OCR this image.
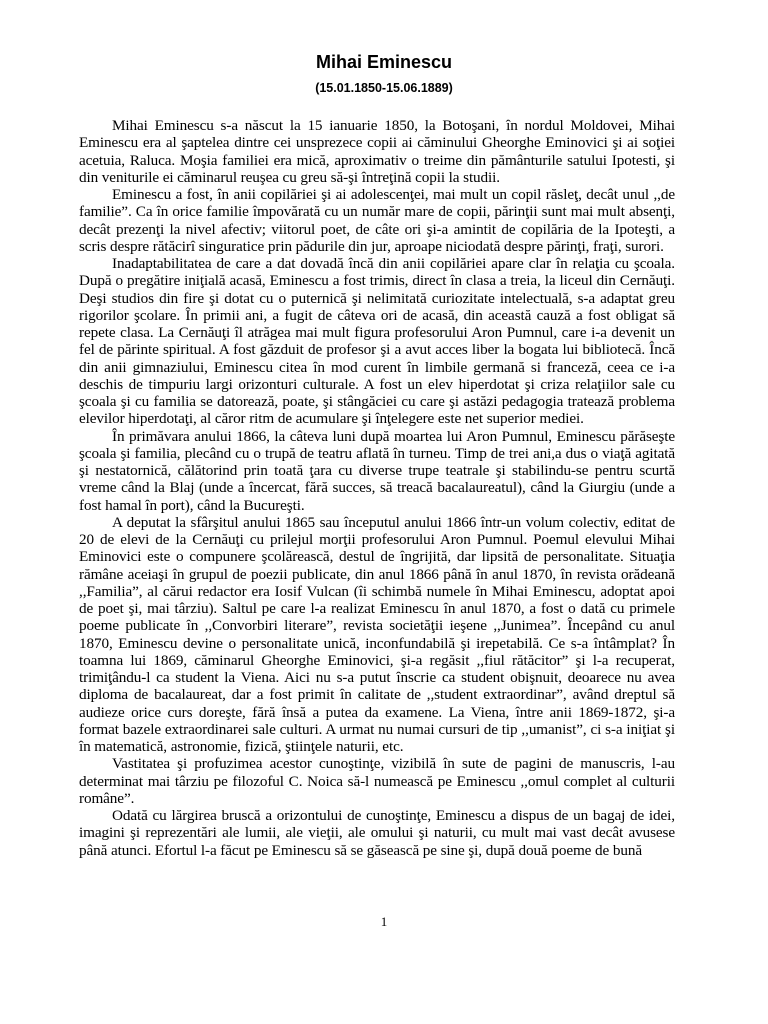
Mihai Eminescu
(15.01.1850-15.06.1889)

Mihai Eminescu s-a născut la 15 ianuarie 1850, la Botoşani, în nordul Moldovei, Mihai Eminescu era al şaptelea dintre cei unsprezece copii ai căminului Gheorghe Eminovici şi ai soţiei acetuia, Raluca. Moşia familiei era mică, aproximativ o treime din pământurile satului Ipotesti, şi din veniturile ei căminarul reuşea cu greu să-şi întreţină copii la studii.

Eminescu a fost, în anii copilăriei şi ai adolescenţei, mai mult un copil răsleţ, decât unul ,,de familie”. Ca în orice familie împovărată cu un număr mare de copii, părinţii sunt mai mult absenţi, decât prezenţi la nivel afectiv; viitorul poet, de câte ori şi-a amintit de copilăria de la Ipoteşti, a scris despre rătăcirî singuratice prin pădurile din jur, aproape niciodată despre părinţi, fraţi, surori.

Inadaptabilitatea de care a dat dovadă încă din anii copilăriei apare clar în relaţia cu şcoala. După o pregătire iniţială acasă, Eminescu a fost trimis, direct în clasa a treia, la liceul din Cernăuţi. Deşi studios din fire şi dotat cu o puternică şi nelimitată curiozitate intelectuală, s-a adaptat greu rigorilor şcolare. În primii ani, a fugit de câteva ori de acasă, din această cauză a fost obligat să repete clasa. La Cernăuţi îl atrăgea mai mult figura profesorului Aron Pumnul, care i-a devenit un fel de părinte spiritual. A fost găzduit de profesor şi a avut acces liber la bogata lui bibliotecă. Încă din anii gimnaziului, Eminescu citea în mod curent în limbile germană si franceză, ceea ce i-a deschis de timpuriu largi orizonturi culturale. A fost un elev hiperdotat şi criza relaţiilor sale cu şcoala şi cu familia se datorează, poate, şi stângăciei cu care şi astăzi pedagogia tratează problema elevilor hiperdotaţi, al căror ritm de acumulare şi înţelegere este net superior mediei.

În primăvara anului 1866, la câteva luni după moartea lui Aron Pumnul, Eminescu părăseşte şcoala şi familia, plecând cu o trupă de teatru aflată în turneu. Timp de trei ani,a dus o viaţă agitată şi nestatornică, călătorind prin toată ţara cu diverse trupe teatrale şi stabilindu-se pentru scurtă vreme când la Blaj (unde a încercat, fără succes, să treacă bacalaureatul), când la Giurgiu (unde a fost hamal în port), când la Bucureşti.

A deputat la sfârşitul anului 1865 sau începutul anului 1866 într-un volum colectiv, editat de 20 de elevi de la Cernăuţi cu prilejul morţii profesorului Aron Pumnul. Poemul elevului Mihai Eminovici este o compunere şcolărească, destul de îngrijită, dar lipsită de personalitate. Situaţia rămâne aceiaşi în grupul de poezii publicate, din anul 1866 până în anul 1870, în revista orădeană ,,Familia”, al cărui redactor era Iosif Vulcan (îi schimbă numele în Mihai Eminescu, adoptat apoi de poet şi, mai târziu). Saltul pe care l-a realizat Eminescu în anul 1870, a fost o dată cu primele poeme publicate în ,,Convorbiri literare”, revista societăţii ieşene ,,Junimea”. Începând cu anul 1870, Eminescu devine o personalitate unică, inconfundabilă şi irepetabilă. Ce s-a întâmplat? În toamna lui 1869, căminarul Gheorghe Eminovici, şi-a regăsit ,,fiul rătăcitor” şi l-a recuperat, trimiţându-l ca student la Viena. Aici nu s-a putut înscrie ca student obişnuit, deoarece nu avea diploma de bacalaureat, dar a fost primit în calitate de ,,student extraordinar”, având dreptul să audieze orice curs doreşte, fără însă a putea da examene. La Viena, între anii 1869-1872, şi-a format bazele extraordinarei sale culturi. A urmat nu numai cursuri de tip ,,umanist”, ci s-a iniţiat şi în matematică, astronomie, fizică, ştiinţele naturii, etc.

Vastitatea şi profuzimea acestor cunoştinţe, vizibilă în sute de pagini de manuscris, l-au determinat mai târziu pe filozoful C. Noica să-l numească pe Eminescu ,,omul complet al culturii române”.

Odată cu lărgirea bruscă a orizontului de cunoştinţe, Eminescu a dispus de un bagaj de idei, imagini şi reprezentări ale lumii, ale vieţii, ale omului şi naturii, cu mult mai vast decât avusese până atunci. Efortul l-a făcut pe Eminescu să se găsească pe sine şi, după două poeme de bună

1
